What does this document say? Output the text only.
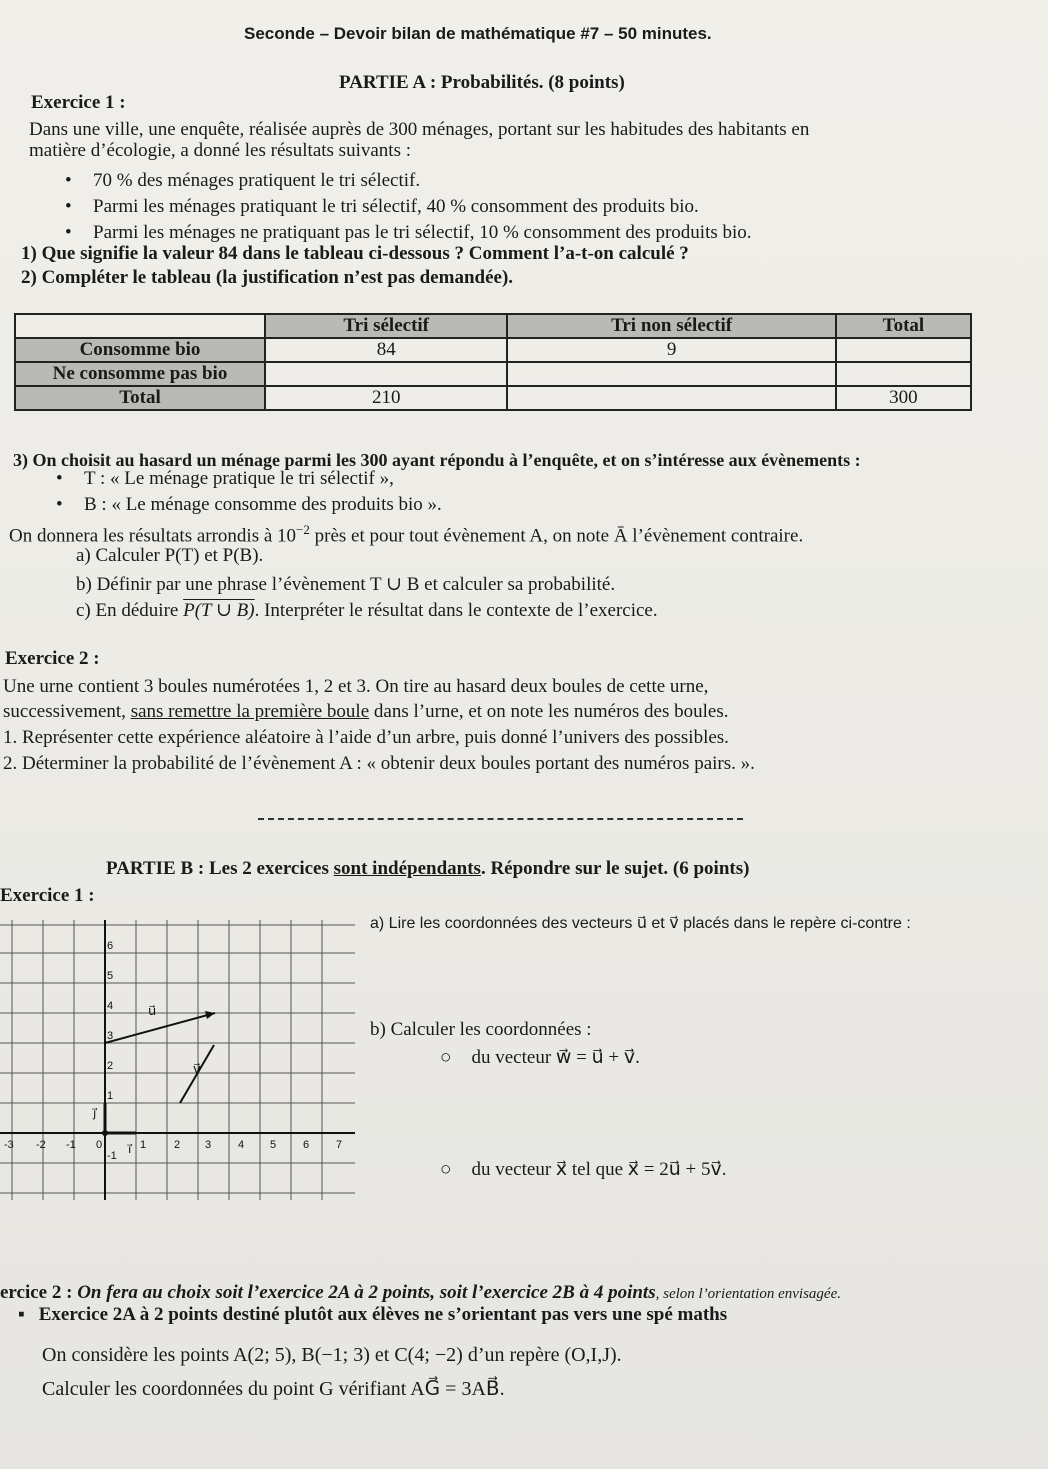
Seconde – Devoir bilan de mathématique #7 – 50 minutes.
PARTIE A : Probabilités. (8 points)
Exercice 1 :
Dans une ville, une enquête, réalisée auprès de 300 ménages, portant sur les habitudes des habitants en
matière d’écologie, a donné les résultats suivants :
• 70 % des ménages pratiquent le tri sélectif.
• Parmi les ménages pratiquant le tri sélectif, 40 % consomment des produits bio.
• Parmi les ménages ne pratiquant pas le tri sélectif, 10 % consomment des produits bio.
1) Que signifie la valeur 84 dans le tableau ci-dessous ? Comment l’a-t-on calculé ?
2) Compléter le tableau (la justification n’est pas demandée).
	Tri sélectif	Tri non sélectif	Total
Consomme bio	84	9	
Ne consomme pas bio			
Total	210		300
3) On choisit au hasard un ménage parmi les 300 ayant répondu à l’enquête, et on s’intéresse aux évènements :
• T : « Le ménage pratique le tri sélectif »,
• B : « Le ménage consomme des produits bio ».
On donnera les résultats arrondis à $10^{-2}$ près et pour tout évènement A, on note Ā l’évènement contraire.
a) Calculer P(T) et P(B).
b) Définir par une phrase l’évènement T ∪ B et calculer sa probabilité.
c) En déduire P(T ∪ B). Interpréter le résultat dans le contexte de l’exercice.
Exercice 2 :
Une urne contient 3 boules numérotées 1, 2 et 3. On tire au hasard deux boules de cette urne,
successivement, sans remettre la première boule dans l’urne, et on note les numéros des boules.
1. Représenter cette expérience aléatoire à l’aide d’un arbre, puis donné l’univers des possibles.
2. Déterminer la probabilité de l’évènement A : « obtenir deux boules portant des numéros pairs. ».
PARTIE B : Les 2 exercices sont indépendants. Répondre sur le sujet. (6 points)
Exercice 1 :
-3 -2 -1 0	1	2 3 4 5 6 7
6
5
4
3
2
1
-1
u⃗
v⃗
i⃗
j⃗
a) Lire les coordonnées des vecteurs u⃗ et v⃗ placés dans le repère ci-contre :
b) Calculer les coordonnées :
○ du vecteur w⃗ = u⃗ + v⃗.
○ du vecteur x⃗ tel que x⃗ = 2u⃗ + 5v⃗.
ercice 2 : On fera au choix soit l’exercice 2A à 2 points, soit l’exercice 2B à 4 points, selon l’orientation envisagée.
▪ Exercice 2A à 2 points destiné plutôt aux élèves ne s’orientant pas vers une spé maths
On considère les points A(2; 5), B(−1; 3) et C(4; −2) d’un repère (O,I,J).
Calculer les coordonnées du point G vérifiant AG⃗ = 3AB⃗.
